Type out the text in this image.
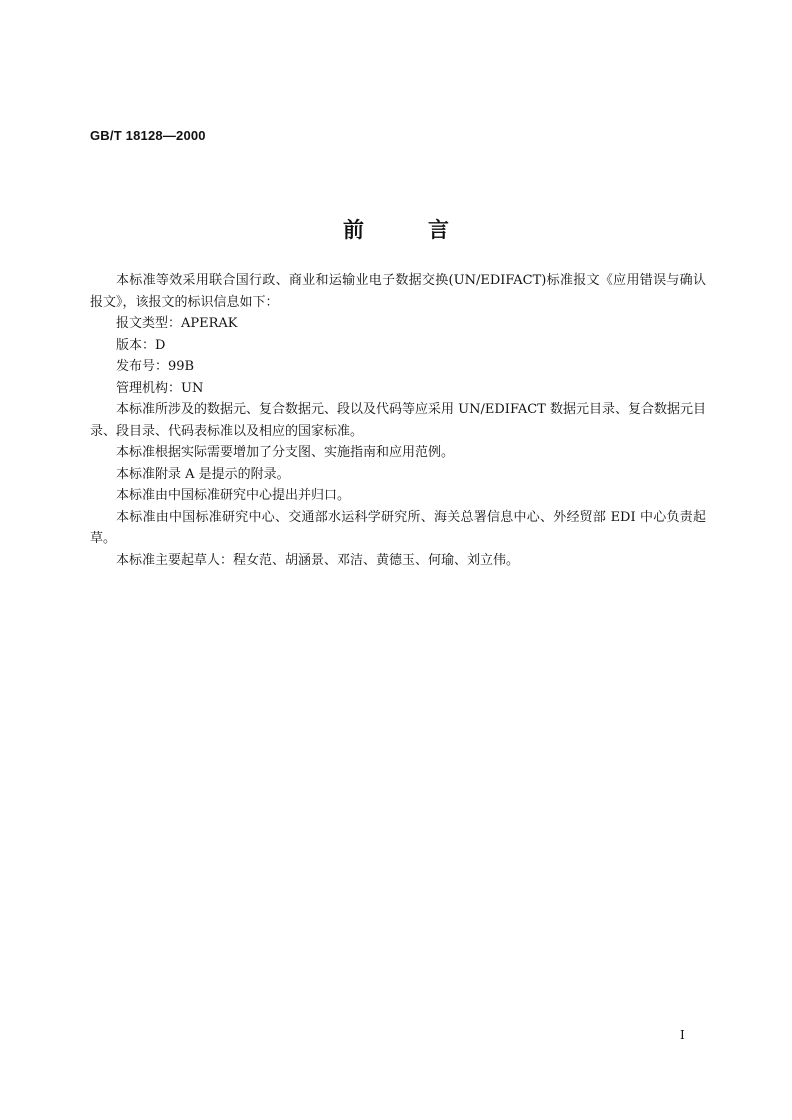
GB/T 18128—2000
前言

本标准等效采用联合国行政、商业和运输业电子数据交换(UN/EDIFACT)标准报文《应用错误与确认报文》，该报文的标识信息如下：

报文类型：APERAK

版本：D

发布号：99B

管理机构：UN

本标准所涉及的数据元、复合数据元、段以及代码等应采用 UN/EDIFACT 数据元目录、复合数据元目录、段目录、代码表标准以及相应的国家标准。

本标准根据实际需要增加了分支图、实施指南和应用范例。

本标准附录 A 是提示的附录。

本标准由中国标准研究中心提出并归口。

本标准由中国标准研究中心、交通部水运科学研究所、海关总署信息中心、外经贸部 EDI 中心负责起草。

本标准主要起草人：程女范、胡涵景、邓洁、黄德玉、何瑜、刘立伟。

I
